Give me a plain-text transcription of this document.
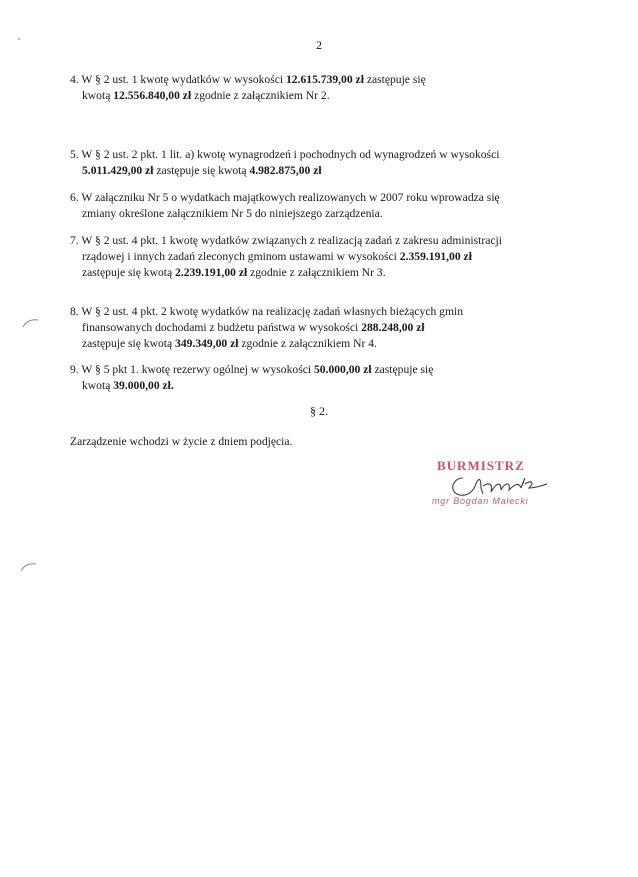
2
4. W § 2 ust. 1 kwotę wydatków w wysokości 12.615.739,00 zł zastępuje się
kwotą 12.556.840,00 zł zgodnie z załącznikiem Nr 2.
5. W § 2 ust. 2 pkt. 1 lit. a) kwotę wynagrodzeń i pochodnych od wynagrodzeń w wysokości
5.011.429,00 zł zastępuje się kwotą 4.982.875,00 zł
6. W załączniku Nr 5 o wydatkach majątkowych realizowanych w 2007 roku wprowadza się
zmiany określone załącznikiem Nr 5 do niniejszego zarządzenia.
7. W § 2 ust. 4 pkt. 1 kwotę wydatków związanych z realizacją zadań z zakresu administracji
rządowej i innych zadań zleconych gminom ustawami w wysokości 2.359.191,00 zł
zastępuje się kwotą 2.239.191,00 zł zgodnie z załącznikiem Nr 3.
8. W § 2 ust. 4 pkt. 2 kwotę wydatków na realizację zadań własnych bieżących gmin
finansowanych dochodami z budżetu państwa w wysokości 288.248,00 zł
zastępuje się kwotą 349.349,00 zł zgodnie z załącznikiem Nr 4.
9. W § 5 pkt 1. kwotę rezerwy ogólnej w wysokości 50.000,00 zł zastępuje się
kwotą 39.000,00 zł.
§ 2.
Zarządzenie wchodzi w życie z dniem podjęcia.
BURMISTRZ
mgr Bogdan Małecki
